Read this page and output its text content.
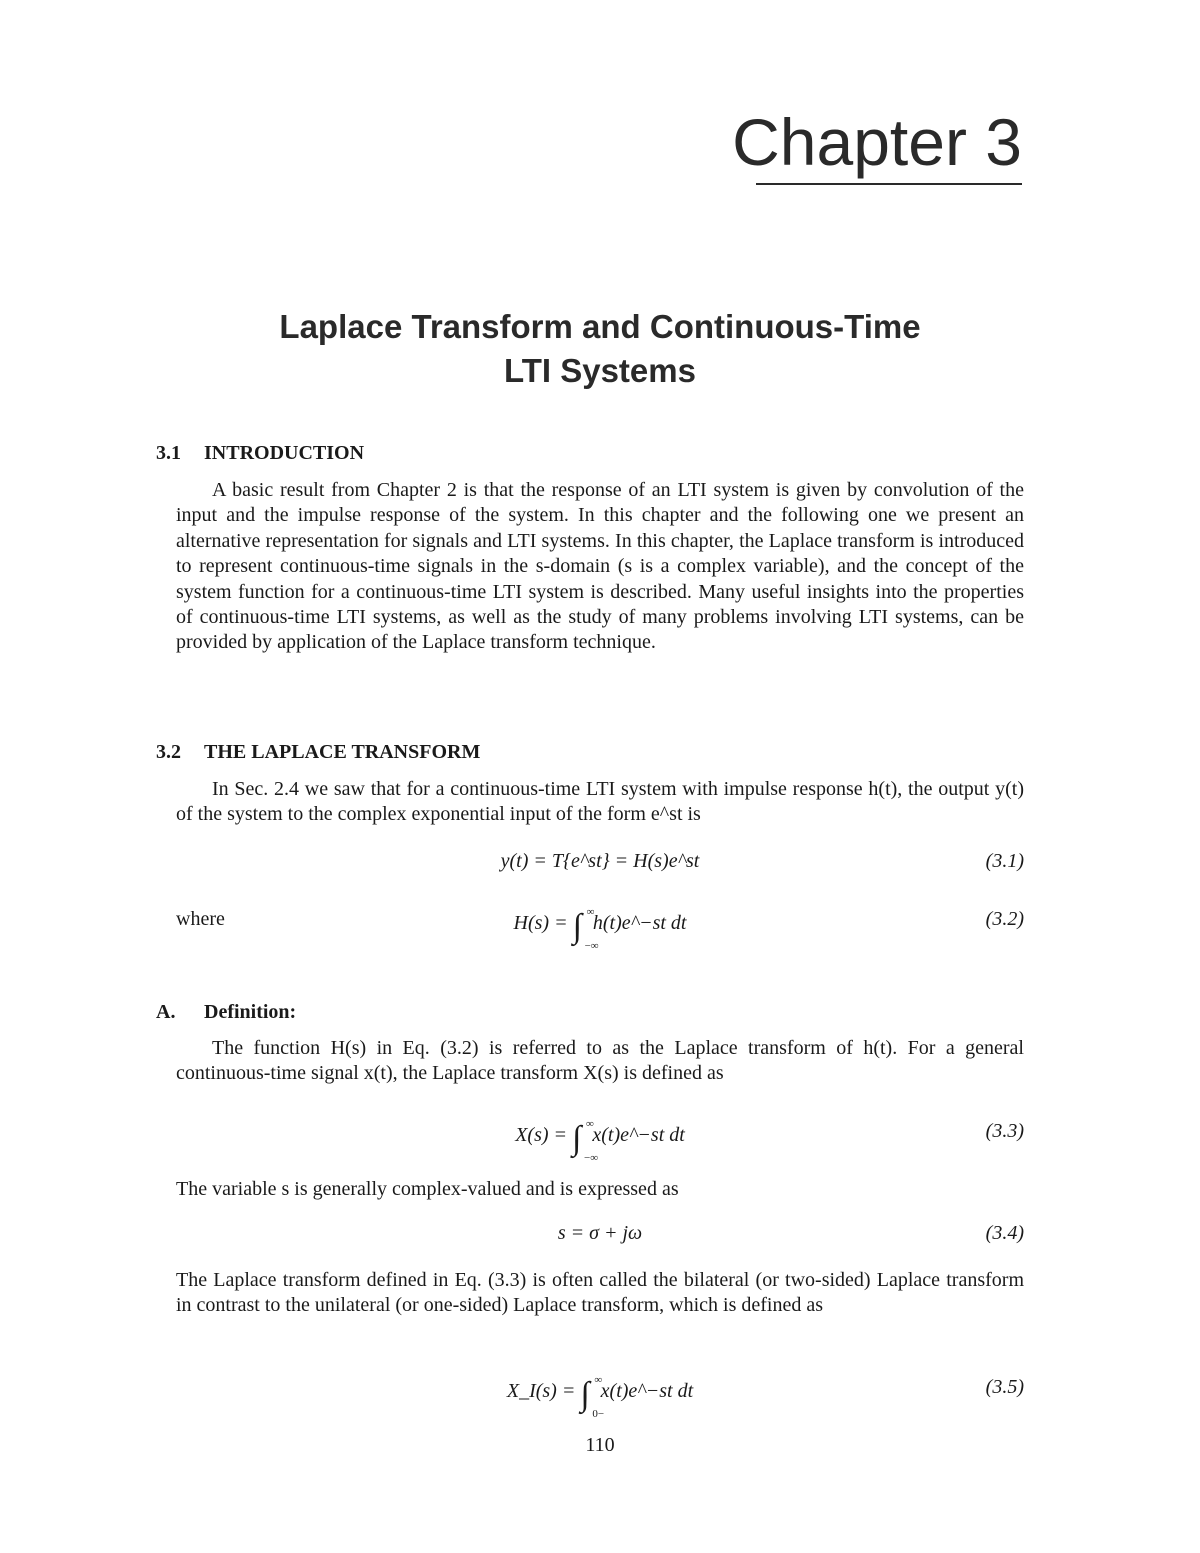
Chapter 3
Laplace Transform and Continuous-Time
LTI Systems
3.1 INTRODUCTION
A basic result from Chapter 2 is that the response of an LTI system is given by convolution of the input and the impulse response of the system. In this chapter and the following one we present an alternative representation for signals and LTI systems. In this chapter, the Laplace transform is introduced to represent continuous-time signals in the s-domain (s is a complex variable), and the concept of the system function for a continuous-time LTI system is described. Many useful insights into the properties of continuous-time LTI systems, as well as the study of many problems involving LTI systems, can be provided by application of the Laplace transform technique.
3.2 THE LAPLACE TRANSFORM
In Sec. 2.4 we saw that for a continuous-time LTI system with impulse response h(t), the output y(t) of the system to the complex exponential input of the form e^st is
y(t) = T{e^st} = H(s)e^st	(3.1)
where	H(s) = ∫ ∞
−∞
h(t)e^−st dt	(3.2)
A. Definition:
The function H(s) in Eq. (3.2) is referred to as the Laplace transform of h(t). For a general continuous-time signal x(t), the Laplace transform X(s) is defined as
X(s) = ∫ ∞
−∞
x(t)e^−st dt	(3.3)
The variable s is generally complex-valued and is expressed as
s = σ + jω	(3.4)
The Laplace transform defined in Eq. (3.3) is often called the bilateral (or two-sided) Laplace transform in contrast to the unilateral (or one-sided) Laplace transform, which is defined as
X_I(s) = ∫ ∞
0−
x(t)e^−st dt	(3.5)
110
